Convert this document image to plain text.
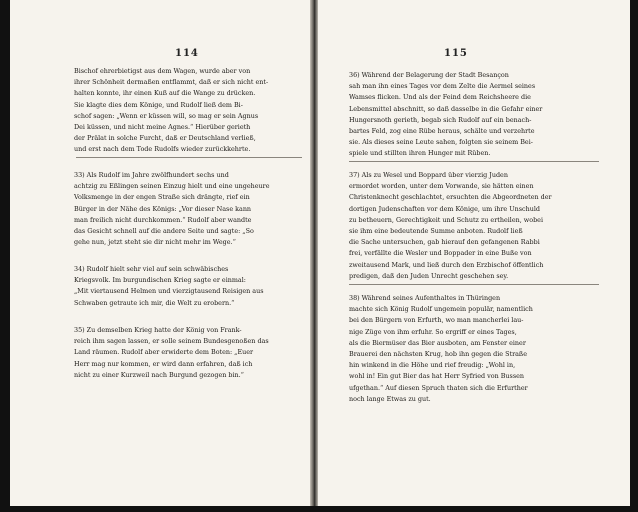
114
Bischof ehrerbietigst aus dem Wagen, wurde aber von
ihrer Schönheit dermaßen entflammt, daß er sich nicht ent-
halten konnte, ihr einen Kuß auf die Wange zu drücken.
Sie klagte dies dem Könige, und Rudolf ließ dem Bi-
schof sagen: „Wenn er küssen will, so mag er sein Agnus
Dei küssen, und nicht meine Agnes.“ Hierüber gerieth
der Prälat in solche Furcht, daß er Deutschland verließ,
und erst nach dem Tode Rudolfs wieder zurückkehrte.
33) Als Rudolf im Jahre zwölfhundert sechs und
achtzig zu Eßlingen seinen Einzug hielt und eine ungeheure
Volksmenge in der engen Straße sich drängte, rief ein
Bürger in der Nähe des Königs: „Vor dieser Nase kann
man freilich nicht durchkommen.“ Rudolf aber wandte
das Gesicht schnell auf die andere Seite und sagte: „So
gehe nun, jetzt steht sie dir nicht mehr im Wege.“
34) Rudolf hielt sehr viel auf sein schwäbisches
Kriegsvolk. Im burgundischen Krieg sagte er einmal:
„Mit viertausend Helmen und vierzigtausend Reisigen aus
Schwaben getraute ich mir, die Welt zu erobern.“
35) Zu demselben Krieg hatte der König von Frank-
reich ihm sagen lassen, er solle seinem Bundesgenoßen das
Land räumen. Rudolf aber erwiderte dem Boten: „Euer
Herr mag nur kommen, er wird dann erfahren, daß ich
nicht zu einer Kurzweil nach Burgund gezogen bin.“
115
36) Während der Belagerung der Stadt Besançon
sah man ihn eines Tages vor dem Zelte die Aermel seines
Wamses flicken. Und als der Feind dem Reichsheere die
Lebensmittel abschnitt, so daß dasselbe in die Gefahr einer
Hungersnoth gerieth, begab sich Rudolf auf ein benach-
bartes Feld, zog eine Rübe heraus, schälte und verzehrte
sie. Als dieses seine Leute sahen, folgten sie seinem Bei-
spiele und stillten ihren Hunger mit Rüben.
37) Als zu Wesel und Boppard über vierzig Juden
ermordet worden, unter dem Vorwande, sie hätten einen
Christenknecht geschlachtet, ersuchten die Abgeordneten der
dortigen Judenschaften vor dem Könige, um ihre Unschuld
zu betheuern, Gerechtigkeit und Schutz zu ertheilen, wobei
sie ihm eine bedeutende Summe anboten. Rudolf ließ
die Sache untersuchen, gab hierauf den gefangenen Rabbi
frei, verfällte die Wesler und Boppader in eine Buße von
zweitausend Mark, und ließ durch den Erzbischof öffentlich
predigen, daß den Juden Unrecht geschehen sey.
38) Während seines Aufenthaltes in Thüringen
machte sich König Rudolf ungemein populär, namentlich
bei den Bürgern von Erfurth, wo man mancherlei lau-
nige Züge von ihm erfuhr. So ergriff er eines Tages,
als die Biermüser das Bier ausboten, am Fenster einer
Brauerei den nächsten Krug, hob ihn gegen die Straße
hin winkend in die Höhe und rief freudig: „Wohl in,
wohl in! Ein gut Bier das hat Herr Syfried von Bussen
ufgethan.“ Auf diesen Spruch thaten sich die Erfurther
noch lange Etwas zu gut.
